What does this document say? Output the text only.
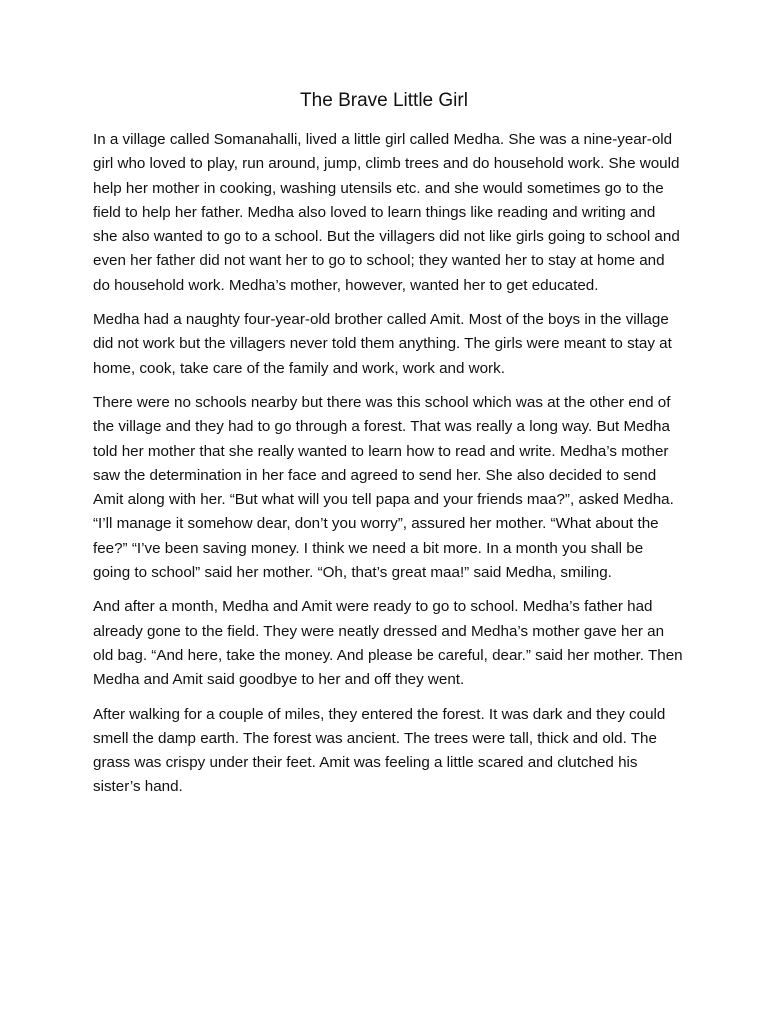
The Brave Little Girl

In a village called Somanahalli, lived a little girl called Medha. She was a nine-year-old girl who loved to play, run around, jump, climb trees and do household work. She would help her mother in cooking, washing utensils etc. and she would sometimes go to the field to help her father. Medha also loved to learn things like reading and writing and she also wanted to go to a school. But the villagers did not like girls going to school and even her father did not want her to go to school; they wanted her to stay at home and do household work. Medha’s mother, however, wanted her to get educated.

Medha had a naughty four-year-old brother called Amit. Most of the boys in the village did not work but the villagers never told them anything. The girls were meant to stay at home, cook, take care of the family and work, work and work.

There were no schools nearby but there was this school which was at the other end of the village and they had to go through a forest. That was really a long way. But Medha told her mother that she really wanted to learn how to read and write. Medha’s mother saw the determination in her face and agreed to send her. She also decided to send Amit along with her. “But what will you tell papa and your friends maa?”, asked Medha. “I’ll manage it somehow dear, don’t you worry”, assured her mother. “What about the fee?” “I’ve been saving money. I think we need a bit more. In a month you shall be going to school” said her mother. “Oh, that’s great maa!” said Medha, smiling.

And after a month, Medha and Amit were ready to go to school. Medha’s father had already gone to the field. They were neatly dressed and Medha’s mother gave her an old bag. “And here, take the money. And please be careful, dear.” said her mother. Then Medha and Amit said goodbye to her and off they went.

After walking for a couple of miles, they entered the forest. It was dark and they could smell the damp earth. The forest was ancient. The trees were tall, thick and old. The grass was crispy under their feet. Amit was feeling a little scared and clutched his sister’s hand.
